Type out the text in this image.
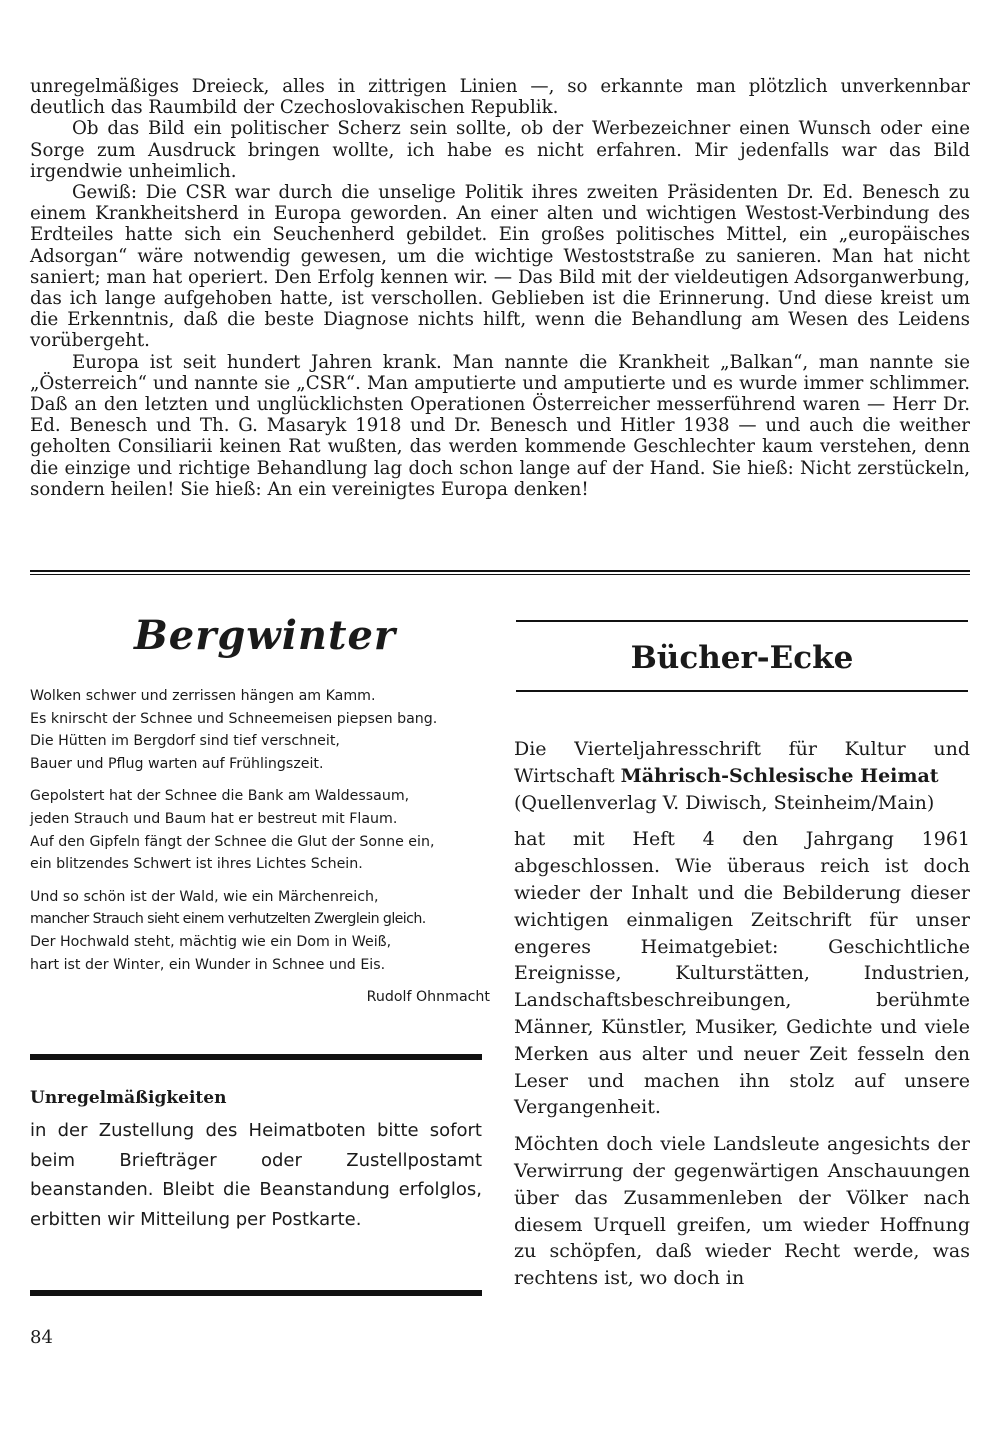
unregelmäßiges Dreieck, alles in zittrigen Linien —, so erkannte man plötzlich unverkennbar deutlich das Raumbild der Czechoslovakischen Republik.

Ob das Bild ein politischer Scherz sein sollte, ob der Werbezeichner einen Wunsch oder eine Sorge zum Ausdruck bringen wollte, ich habe es nicht erfahren. Mir jedenfalls war das Bild irgendwie unheimlich.

Gewiß: Die CSR war durch die unselige Politik ihres zweiten Präsidenten Dr. Ed. Benesch zu einem Krankheitsherd in Europa geworden. An einer alten und wichtigen Westost-Verbindung des Erdteiles hatte sich ein Seuchenherd gebildet. Ein großes politisches Mittel, ein „europäisches Adsorgan“ wäre notwendig gewesen, um die wichtige Westoststraße zu sanieren. Man hat nicht saniert; man hat operiert. Den Erfolg kennen wir. — Das Bild mit der vieldeutigen Adsorganwerbung, das ich lange aufgehoben hatte, ist verschollen. Geblieben ist die Erinnerung. Und diese kreist um die Erkenntnis, daß die beste Diagnose nichts hilft, wenn die Behandlung am Wesen des Leidens vorübergeht.

Europa ist seit hundert Jahren krank. Man nannte die Krankheit „Balkan“, man nannte sie „Österreich“ und nannte sie „CSR“. Man amputierte und amputierte und es wurde immer schlimmer. Daß an den letzten und unglücklichsten Operationen Österreicher messerführend waren — Herr Dr. Ed. Benesch und Th. G. Masaryk 1918 und Dr. Benesch und Hitler 1938 — und auch die weither geholten Consiliarii keinen Rat wußten, das werden kommende Geschlechter kaum verstehen, denn die einzige und richtige Behandlung lag doch schon lange auf der Hand. Sie hieß: Nicht zerstückeln, sondern heilen! Sie hieß: An ein vereinigtes Europa denken!

Bergwinter
Wolken schwer und zerrissen hängen am Kamm.
Es knirscht der Schnee und Schneemeisen piepsen bang.
Die Hütten im Bergdorf sind tief verschneit,
Bauer und Pflug warten auf Frühlingszeit.
Gepolstert hat der Schnee die Bank am Waldessaum,
jeden Strauch und Baum hat er bestreut mit Flaum.
Auf den Gipfeln fängt der Schnee die Glut der Sonne ein,
ein blitzendes Schwert ist ihres Lichtes Schein.
Und so schön ist der Wald, wie ein Märchenreich,
mancher Strauch sieht einem verhutzelten Zwerglein gleich.
Der Hochwald steht, mächtig wie ein Dom in Weiß,
hart ist der Winter, ein Wunder in Schnee und Eis.
Rudolf Ohnmacht
Unregelmäßigkeiten
in der Zustellung des Heimatboten bitte sofort beim Briefträger oder Zustellpostamt beanstanden. Bleibt die Beanstandung erfolglos, erbitten wir Mitteilung per Postkarte.
84
Bücher-Ecke

Die Vierteljahresschrift für Kultur und
Wirtschaft Mährisch-Schlesische Heimat
(Quellenverlag V. Diwisch, Steinheim/Main)

hat mit Heft 4 den Jahrgang 1961 abgeschlossen. Wie überaus reich ist doch wieder der Inhalt und die Bebilderung dieser wichtigen einmaligen Zeitschrift für unser engeres Heimatgebiet: Geschichtliche Ereignisse, Kulturstätten, Industrien, Landschaftsbeschreibungen, berühmte Männer, Künstler, Musiker, Gedichte und viele Merken aus alter und neuer Zeit fesseln den Leser und machen ihn stolz auf unsere Vergangenheit.

Möchten doch viele Landsleute angesichts der Verwirrung der gegenwärtigen Anschauungen über das Zusammenleben der Völker nach diesem Urquell greifen, um wieder Hoffnung zu schöpfen, daß wieder Recht werde, was rechtens ist, wo doch in
